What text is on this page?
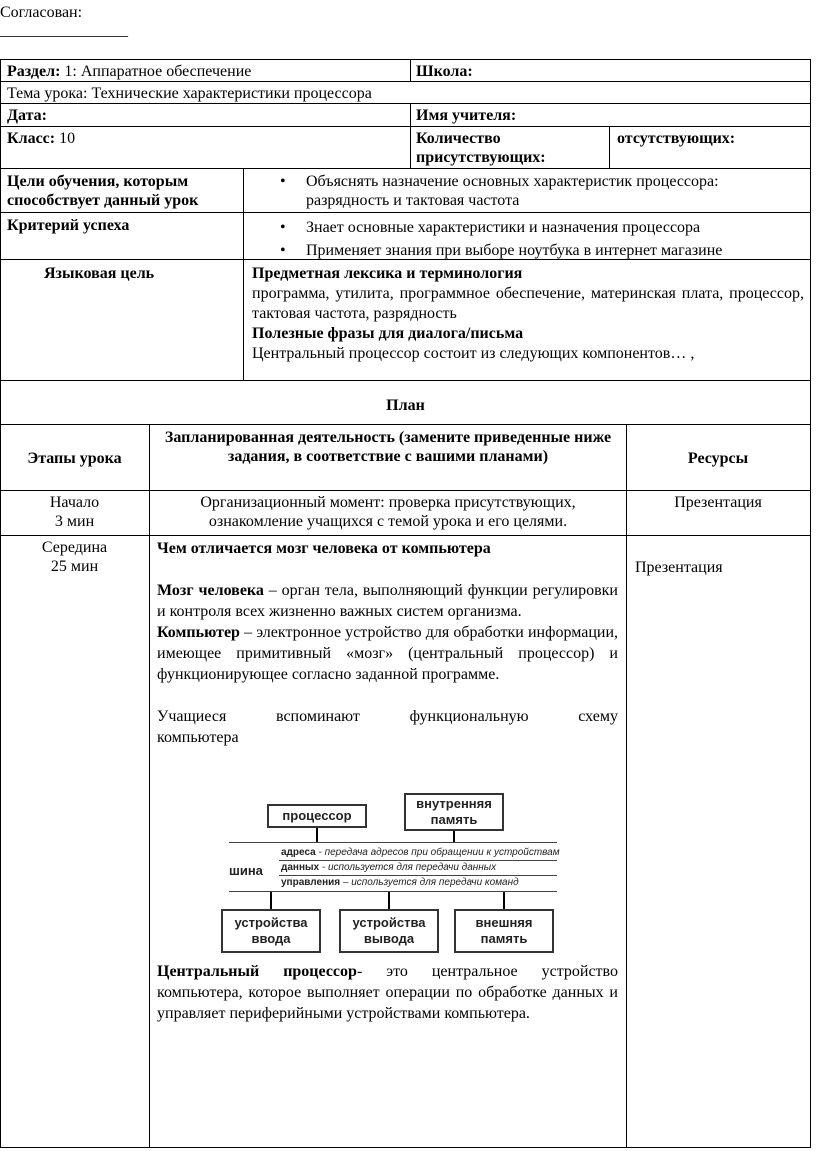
Согласован:
________________
Раздел: 1: Аппаратное обеспечение	Школа:
Тема урока: Технические характеристики процессора
Дата:	Имя учителя:
Класс: 10	Количество присутствующих:
отсутствующих:
Цели обучения, которым способствует данный урок
• Объяснять назначение основных характеристик процессора: разрядность и тактовая частота
Критерий успеха
•	Знает основные характеристики и назначения процессора
• Применяет знания при выборе ноутбука в интернет магазине
Языковая цель	Предметная лексика и терминология
программа, утилита, программное обеспечение, материнская плата, процессор, тактовая частота, разрядность
Полезные фразы для диалога/письма
Центральный процессор состоит из следующих компонентов… ,
План
Этапы урока
Запланированная деятельность (замените приведенные ниже задания, в соответствие с вашими планами)	Ресурсы
Начало
3 мин
Организационный момент: проверка присутствующих, ознакомление учащихся с темой урока и его целями.
Презентация
Середина
25 мин	Презентация
Чем отличается мозг человека от компьютера
Мозг человека – орган тела, выполняющий функции регулировки и контроля всех жизненно важных систем организма.
Компьютер – электронное устройство для обработки информации, имеющее примитивный «мозг» (центральный процессор) и функционирующее согласно заданной программе.
Учащиеся вспоминают функциональную схему компьютера
процессор
внутренняя память
шина
адреса - передача адресов при обращении к устройствам
данных - используется для передачи данных
управления – используется для передачи команд
устройства ввода
устройства вывода
внешняя память
Центральный процессор- это центральное устройство компьютера, которое выполняет операции по обработке данных и управляет периферийными устройствами компьютера.
